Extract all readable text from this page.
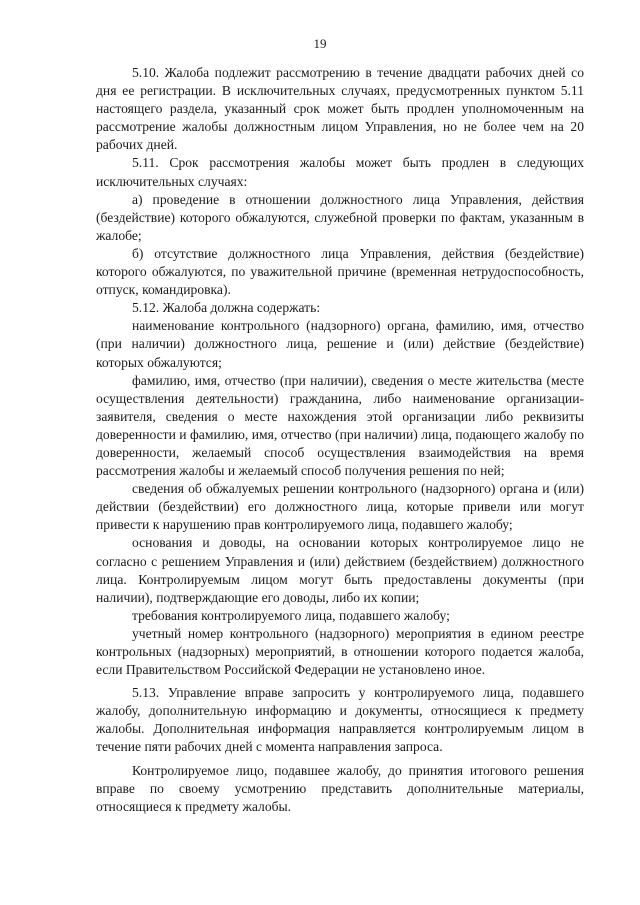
19

5.10. Жалоба подлежит рассмотрению в течение двадцати рабочих дней со дня ее регистрации. В исключительных случаях, предусмотренных пунктом 5.11 настоящего раздела, указанный срок может быть продлен уполномоченным на рассмотрение жалобы должностным лицом Управления, но не более чем на 20 рабочих дней.

5.11. Срок рассмотрения жалобы может быть продлен в следующих исключительных случаях:

а) проведение в отношении должностного лица Управления, действия (бездействие) которого обжалуются, служебной проверки по фактам, указанным в жалобе;

б) отсутствие должностного лица Управления, действия (бездействие) которого обжалуются, по уважительной причине (временная нетрудоспособность, отпуск, командировка).

5.12. Жалоба должна содержать:

наименование контрольного (надзорного) органа, фамилию, имя, отчество (при наличии) должностного лица, решение и (или) действие (бездействие) которых обжалуются;

фамилию, имя, отчество (при наличии), сведения о месте жительства (месте осуществления деятельности) гражданина, либо наименование организации-заявителя, сведения о месте нахождения этой организации либо реквизиты доверенности и фамилию, имя, отчество (при наличии) лица, подающего жалобу по доверенности, желаемый способ осуществления взаимодействия на время рассмотрения жалобы и желаемый способ получения решения по ней;

сведения об обжалуемых решении контрольного (надзорного) органа и (или) действии (бездействии) его должностного лица, которые привели или могут привести к нарушению прав контролируемого лица, подавшего жалобу;

основания и доводы, на основании которых контролируемое лицо не согласно с решением Управления и (или) действием (бездействием) должностного лица. Контролируемым лицом могут быть предоставлены документы (при наличии), подтверждающие его доводы, либо их копии;

требования контролируемого лица, подавшего жалобу;

учетный номер контрольного (надзорного) мероприятия в едином реестре контрольных (надзорных) мероприятий, в отношении которого подается жалоба, если Правительством Российской Федерации не установлено иное.

5.13. Управление вправе запросить у контролируемого лица, подавшего жалобу, дополнительную информацию и документы, относящиеся к предмету жалобы. Дополнительная информация направляется контролируемым лицом в течение пяти рабочих дней с момента направления запроса.

Контролируемое лицо, подавшее жалобу, до принятия итогового решения вправе по своему усмотрению представить дополнительные материалы, относящиеся к предмету жалобы.
